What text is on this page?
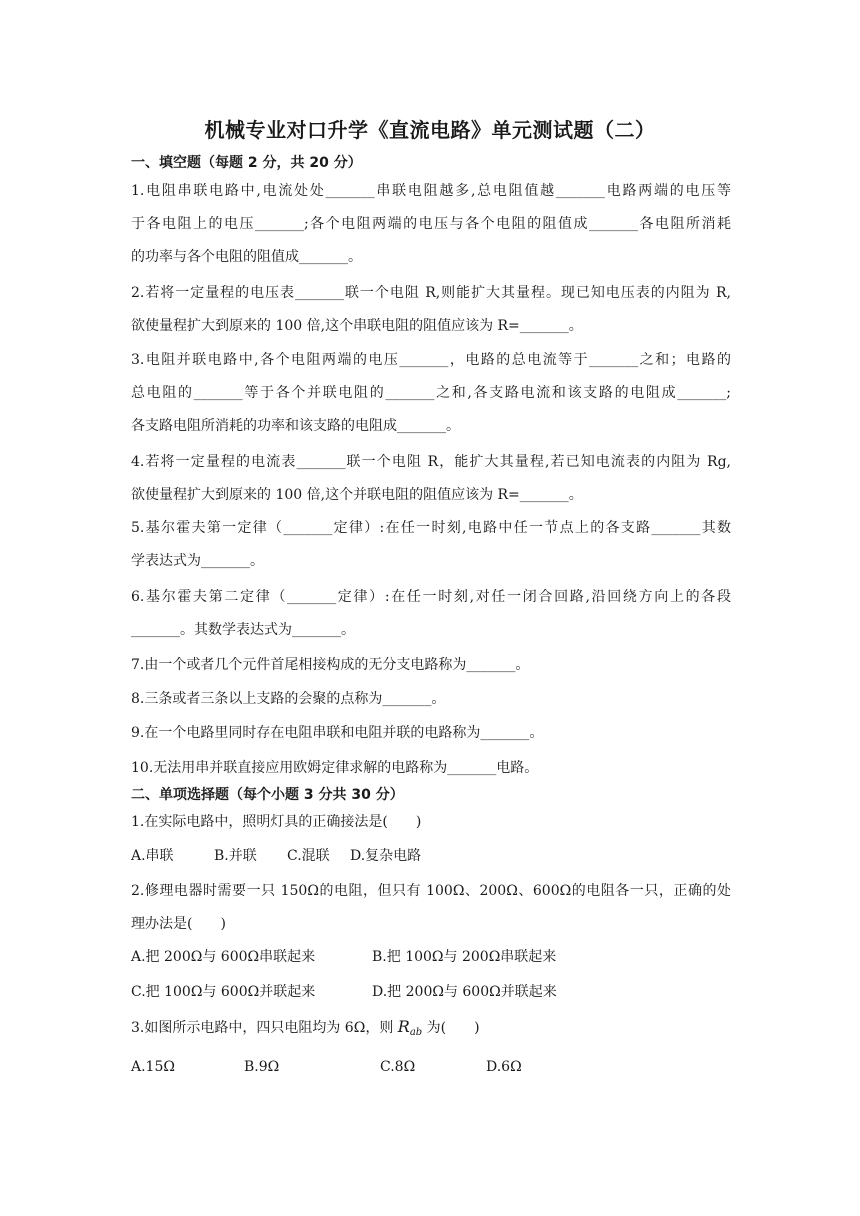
机械专业对口升学《直流电路》单元测试题（二）
一、填空题（每题 2 分，共 20 分）
1.电阻串联电路中,电流处处_______串联电阻越多,总电阻值越_______电路两端的电压等
于各电阻上的电压_______;各个电阻两端的电压与各个电阻的阻值成_______各电阻所消耗
的功率与各个电阻的阻值成_______。
2.若将一定量程的电压表_______联一个电阻 R,则能扩大其量程。现已知电压表的内阻为 R,
欲使量程扩大到原来的 100 倍,这个串联电阻的阻值应该为 R=_______。
3.电阻并联电路中,各个电阻两端的电压_______，电路的总电流等于_______之和；电路的
总电阻的_______等于各个并联电阻的_______之和,各支路电流和该支路的电阻成_______;
各支路电阻所消耗的功率和该支路的电阻成_______。
4.若将一定量程的电流表_______联一个电阻 R，能扩大其量程,若已知电流表的内阻为 Rg,
欲使量程扩大到原来的 100 倍,这个并联电阻的阻值应该为 R=_______。
5.基尔霍夫第一定律（_______定律）:在任一时刻,电路中任一节点上的各支路_______其数
学表达式为_______。
6.基尔霍夫第二定律（_______定律）:在任一时刻,对任一闭合回路,沿回绕方向上的各段
_______。其数学表达式为_______。
7.由一个或者几个元件首尾相接构成的无分支电路称为_______。
8.三条或者三条以上支路的会聚的点称为_______。
9.在一个电路里同时存在电阻串联和电阻并联的电路称为_______。
10.无法用串并联直接应用欧姆定律求解的电路称为_______电路。
二、单项选择题（每个小题 3 分共 30 分）
1.在实际电路中，照明灯具的正确接法是(　　)
A.串联	B.并联 C.混联 D.复杂电路
2.修理电器时需要一只 150Ω的电阻，但只有 100Ω、200Ω、600Ω的电阻各一只，正确的处
理办法是(　　)
A.把 200Ω与 600Ω串联起来	B.把 100Ω与 200Ω串联起来
C.把 100Ω与 600Ω并联起来	D.把 200Ω与 600Ω并联起来
3.如图所示电路中，四只电阻均为 6Ω，则 $R_{ab}$ 为(　　)
A.15Ω	B.9Ω	C.8Ω	D.6Ω
